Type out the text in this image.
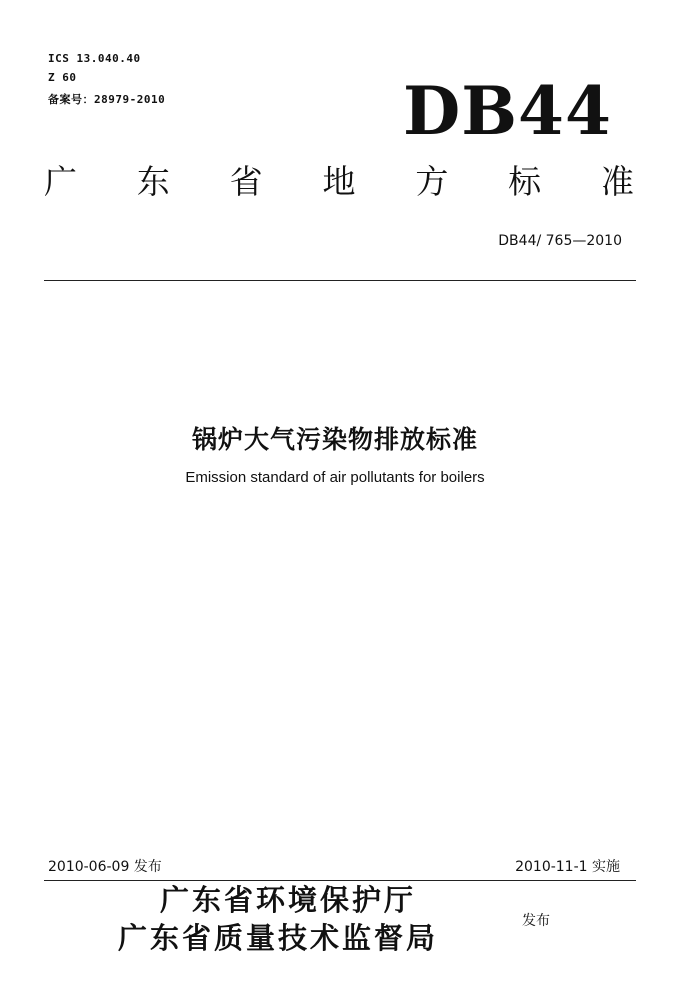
ICS 13.040.40
Z 60
备案号：28979-2010	DB44
广 东 省 地 方 标 准
DB44/ 765—2010
锅炉大气污染物排放标准
Emission standard of air pollutants for boilers
2010-06-09 发布	2010-11-1 实施
广东省环境保护厅
广东省质量技术监督局	发布
